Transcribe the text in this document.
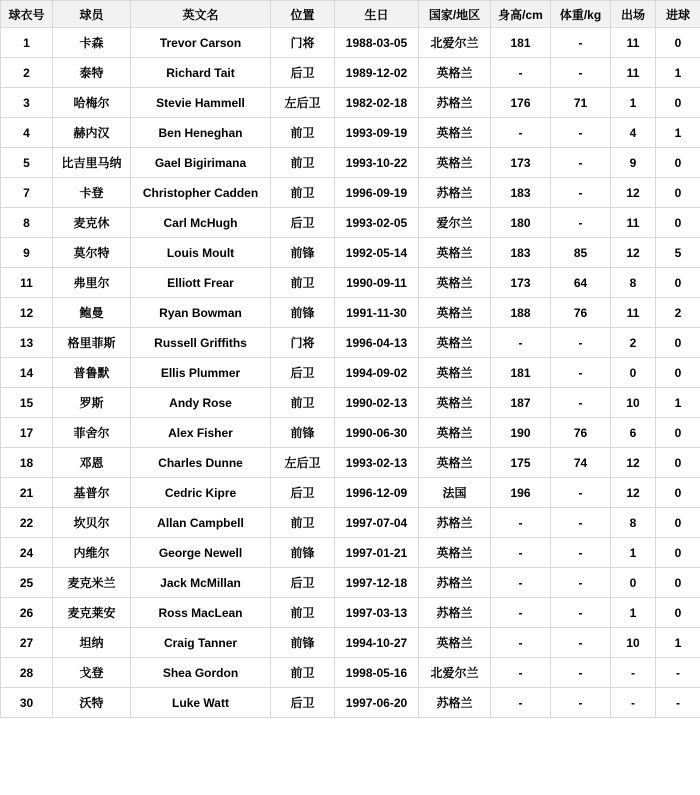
球衣号	球员	英文名	位置	生日	国家/地区	身高/cm	体重/kg	出场	进球
1	卡森	Trevor Carson	门将	1988-03-05	北爱尔兰	181	-	11	0
2	泰特	Richard Tait	后卫	1989-12-02	英格兰	-	-	11	1
3	哈梅尔	Stevie Hammell	左后卫	1982-02-18	苏格兰	176	71	1	0
4	赫内汉	Ben Heneghan	前卫	1993-09-19	英格兰	-	-	4	1
5	比吉里马纳	Gael Bigirimana	前卫	1993-10-22	英格兰	173	-	9	0
7	卡登	Christopher Cadden	前卫	1996-09-19	苏格兰	183	-	12	0
8	麦克休	Carl McHugh	后卫	1993-02-05	爱尔兰	180	-	11	0
9	莫尔特	Louis Moult	前锋	1992-05-14	英格兰	183	85	12	5
11	弗里尔	Elliott Frear	前卫	1990-09-11	英格兰	173	64	8	0
12	鲍曼	Ryan Bowman	前锋	1991-11-30	英格兰	188	76	11	2
13	格里菲斯	Russell Griffiths	门将	1996-04-13	英格兰	-	-	2	0
14	普鲁默	Ellis Plummer	后卫	1994-09-02	英格兰	181	-	0	0
15	罗斯	Andy Rose	前卫	1990-02-13	英格兰	187	-	10	1
17	菲舍尔	Alex Fisher	前锋	1990-06-30	英格兰	190	76	6	0
18	邓恩	Charles Dunne	左后卫	1993-02-13	英格兰	175	74	12	0
21	基普尔	Cedric Kipre	后卫	1996-12-09	法国	196	-	12	0
22	坎贝尔	Allan Campbell	前卫	1997-07-04	苏格兰	-	-	8	0
24	内维尔	George Newell	前锋	1997-01-21	英格兰	-	-	1	0
25	麦克米兰	Jack McMillan	后卫	1997-12-18	苏格兰	-	-	0	0
26	麦克莱安	Ross MacLean	前卫	1997-03-13	苏格兰	-	-	1	0
27	坦纳	Craig Tanner	前锋	1994-10-27	英格兰	-	-	10	1
28	戈登	Shea Gordon	前卫	1998-05-16	北爱尔兰	-	-	-	-
30	沃特	Luke Watt	后卫	1997-06-20	苏格兰	-	-	-	-
